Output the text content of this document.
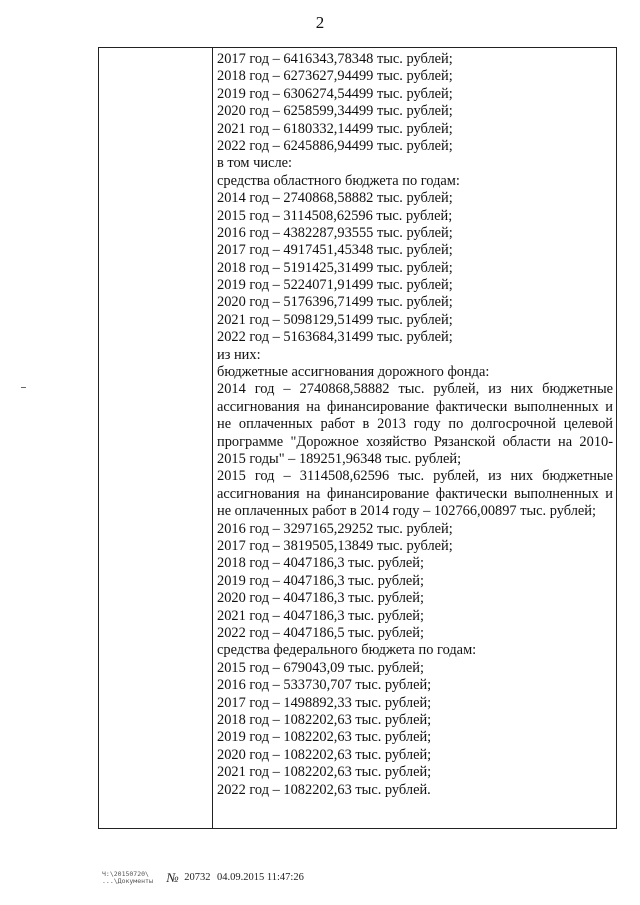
2
2017 год – 6416343,78348 тыс. рублей;
2018 год – 6273627,94499 тыс. рублей;
2019 год – 6306274,54499 тыс. рублей;
2020 год – 6258599,34499 тыс. рублей;
2021 год – 6180332,14499 тыс. рублей;
2022 год – 6245886,94499 тыс. рублей;
в том числе:
средства областного бюджета по годам:
2014 год – 2740868,58882 тыс. рублей;
2015 год – 3114508,62596 тыс. рублей;
2016 год – 4382287,93555 тыс. рублей;
2017 год – 4917451,45348 тыс. рублей;
2018 год – 5191425,31499 тыс. рублей;
2019 год – 5224071,91499 тыс. рублей;
2020 год – 5176396,71499 тыс. рублей;
2021 год – 5098129,51499 тыс. рублей;
2022 год – 5163684,31499 тыс. рублей;
из них:
бюджетные ассигнования дорожного фонда:
2014 год – 2740868,58882 тыс. рублей, из них бюджетные ассигнования на финансирование фактически выполненных и не оплаченных работ в 2013 году по долгосрочной целевой программе "Дорожное хозяйство Рязанской области на 2010-2015 годы" – 189251,96348 тыс. рублей;
2015 год – 3114508,62596 тыс. рублей, из них бюджетные ассигнования на финансирование фактически выполненных и не оплаченных работ в 2014 году – 102766,00897 тыс. рублей;
2016 год – 3297165,29252 тыс. рублей;
2017 год – 3819505,13849 тыс. рублей;
2018 год – 4047186,3 тыс. рублей;
2019 год – 4047186,3 тыс. рублей;
2020 год – 4047186,3 тыс. рублей;
2021 год – 4047186,3 тыс. рублей;
2022 год – 4047186,5 тыс. рублей;
средства федерального бюджета по годам:
2015 год – 679043,09 тыс. рублей;
2016 год – 533730,707 тыс. рублей;
2017 год – 1498892,33 тыс. рублей;
2018 год – 1082202,63 тыс. рублей;
2019 год – 1082202,63 тыс. рублей;
2020 год – 1082202,63 тыс. рублей;
2021 год – 1082202,63 тыс. рублей;
2022 год – 1082202,63 тыс. рублей.
Ч:\20150720\ ...\Документы № 20732 04.09.2015 11:47:26
